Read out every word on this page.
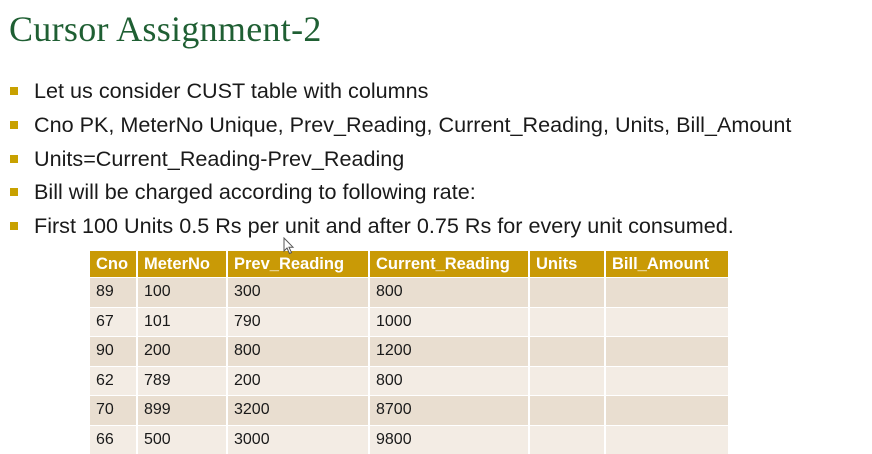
Cursor Assignment-2
Let us consider CUST table with columns
Cno PK, MeterNo Unique, Prev_Reading, Current_Reading, Units, Bill_Amount
Units=Current_Reading-Prev_Reading
Bill will be charged according to following rate:
First 100 Units 0.5 Rs per unit and after 0.75 Rs for every unit consumed.
Cno	MeterNo	Prev_Reading	Current_Reading	Units	Bill_Amount
89	100	300	800		
67	101	790	1000		
90	200	800	1200		
62	789	200	800		
70	899	3200	8700		
66	500	3000	9800		
